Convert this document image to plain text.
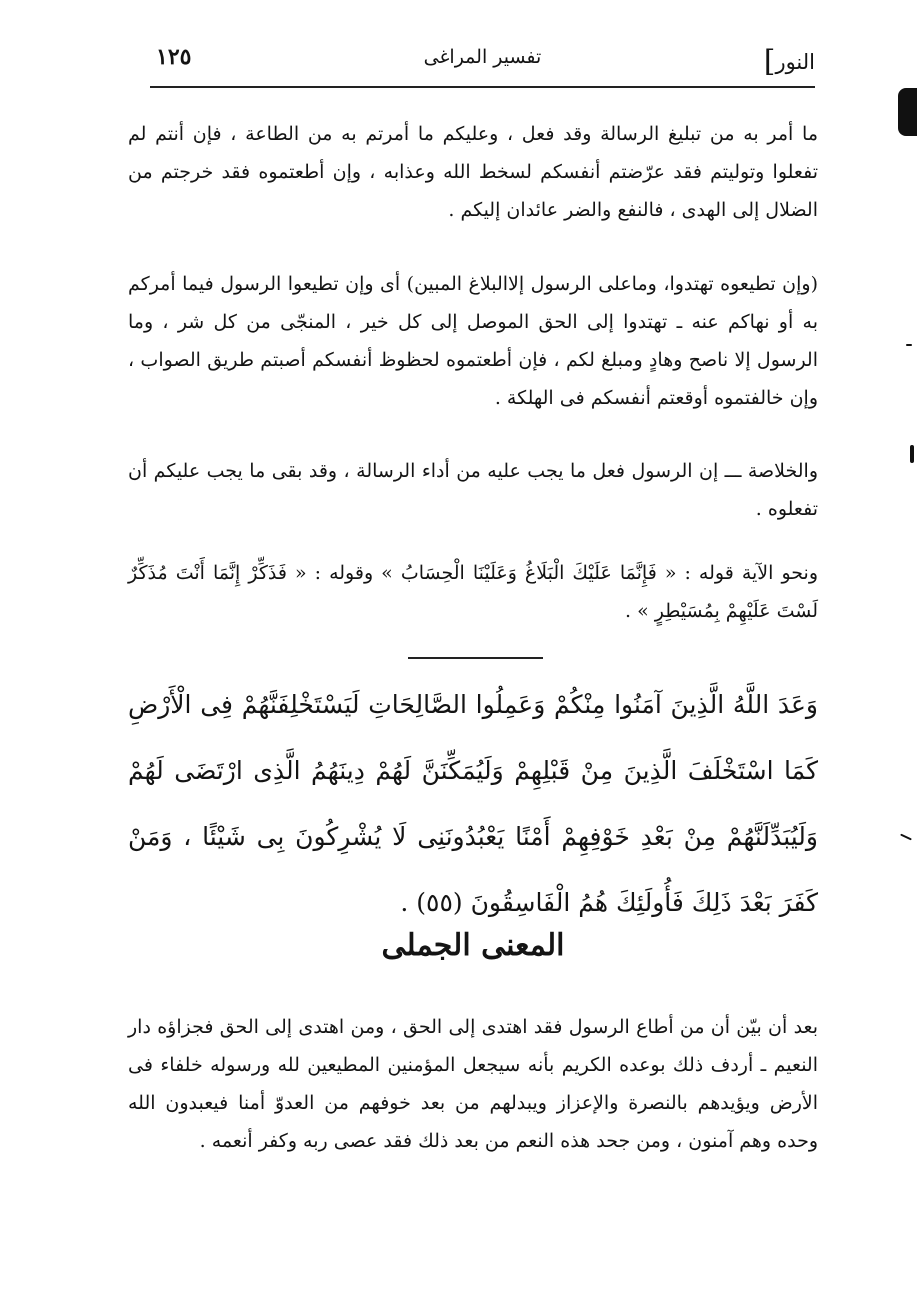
النور]
تفسير المراغى
١٢٥

ما أمر به من تبليغ الرسالة وقد فعل ، وعليكم ما أمرتم به من الطاعة ، فإن أنتم لم تفعلوا وتوليتم فقد عرّضتم أنفسكم لسخط الله وعذابه ، وإن أطعتموه فقد خرجتم من الضلال إلى الهدى ، فالنفع والضر عائدان إليكم .

(وإن تطيعوه تهتدوا، وماعلى الرسول إلاالبلاغ المبين) أى وإن تطيعوا الرسول فيما أمركم به أو نهاكم عنه ـ تهتدوا إلى الحق الموصل إلى كل خير ، المنجّى من كل شر ، وما الرسول إلا ناصح وهادٍ ومبلغ لكم ، فإن أطعتموه لحظوظ أنفسكم أصبتم طريق الصواب ، وإن خالفتموه أوقعتم أنفسكم فى الهلكة .

والخلاصة ـــ إن الرسول فعل ما يجب عليه من أداء الرسالة ، وقد بقى ما يجب عليكم أن تفعلوه .

ونحو الآية قوله : « فَإِنَّمَا عَلَيْكَ الْبَلَاغُ وَعَلَيْنَا الْحِسَابُ » وقوله : « فَذَكِّرْ إِنَّمَا أَنْتَ مُذَكِّرٌ لَسْتَ عَلَيْهِمْ بِمُسَيْطِرٍ » .

وَعَدَ اللَّهُ الَّذِينَ آمَنُوا مِنْكُمْ وَعَمِلُوا الصَّالِحَاتِ لَيَسْتَخْلِفَنَّهُمْ فِى الْأَرْضِ كَمَا اسْتَخْلَفَ الَّذِينَ مِنْ قَبْلِهِمْ وَلَيُمَكِّنَنَّ لَهُمْ دِينَهُمُ الَّذِى ارْتَضَى لَهُمْ وَلَيُبَدِّلَنَّهُمْ مِنْ بَعْدِ خَوْفِهِمْ أَمْنًا يَعْبُدُونَنِى لَا يُشْرِكُونَ بِى شَيْئًا ، وَمَنْ كَفَرَ بَعْدَ ذَلِكَ فَأُولَئِكَ هُمُ الْفَاسِقُونَ (٥٥) .
المعنى الجملى

بعد أن بيّن أن من أطاع الرسول فقد اهتدى إلى الحق ، ومن اهتدى إلى الحق فجزاؤه دار النعيم ـ أردف ذلك بوعده الكريم بأنه سيجعل المؤمنين المطيعين لله ورسوله خلفاء فى الأرض ويؤيدهم بالنصرة والإعزاز ويبدلهم من بعد خوفهم من العدوّ أمنا فيعبدون الله وحده وهم آمنون ، ومن جحد هذه النعم من بعد ذلك فقد عصى ربه وكفر أنعمه .
